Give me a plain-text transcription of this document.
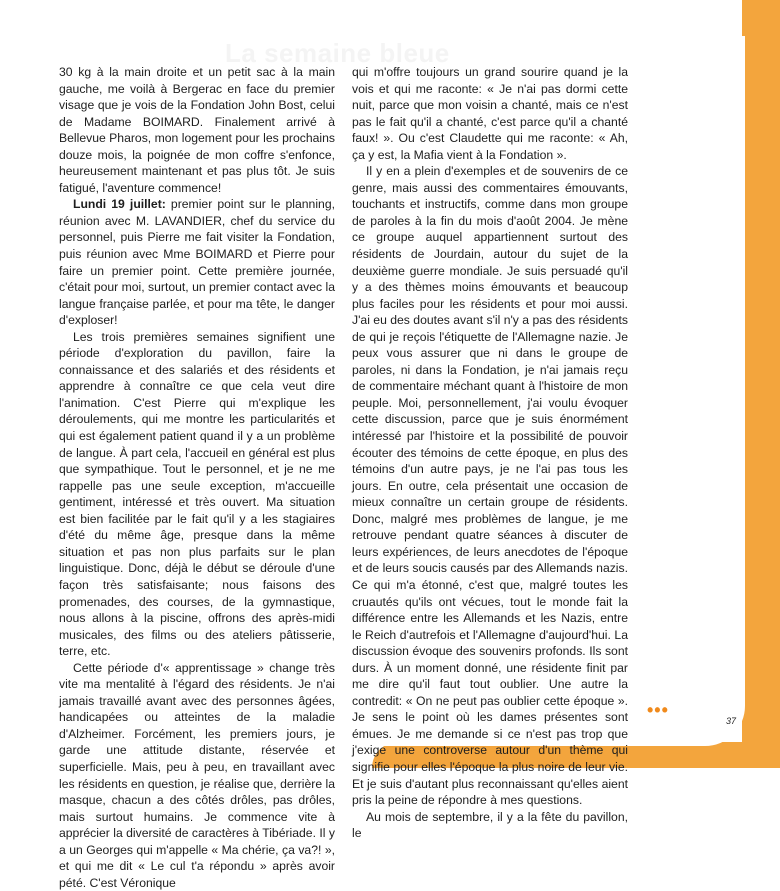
La semaine bleue

30 kg à la main droite et un petit sac à la main gauche, me voilà à Bergerac en face du premier visage que je vois de la Fondation John Bost, celui de Madame BOIMARD. Finalement arrivé à Bellevue Pharos, mon logement pour les prochains douze mois, la poignée de mon coffre s'enfonce, heureusement maintenant et pas plus tôt. Je suis fatigué, l'aventure commence!

Lundi 19 juillet: premier point sur le planning, réunion avec M. LAVANDIER, chef du service du personnel, puis Pierre me fait visiter la Fondation, puis réunion avec Mme BOIMARD et Pierre pour faire un premier point. Cette première journée, c'était pour moi, surtout, un premier contact avec la langue française parlée, et pour ma tête, le danger d'exploser!

Les trois premières semaines signifient une période d'exploration du pavillon, faire la connaissance et des salariés et des résidents et apprendre à connaître ce que cela veut dire l'animation. C'est Pierre qui m'explique les déroulements, qui me montre les particularités et qui est également patient quand il y a un problème de langue. À part cela, l'accueil en général est plus que sympathique. Tout le personnel, et je ne me rappelle pas une seule exception, m'accueille gentiment, intéressé et très ouvert. Ma situation est bien facilitée par le fait qu'il y a les stagiaires d'été du même âge, presque dans la même situation et pas non plus parfaits sur le plan linguistique. Donc, déjà le début se déroule d'une façon très satisfaisante; nous faisons des promenades, des courses, de la gymnastique, nous allons à la piscine, offrons des après-midi musicales, des films ou des ateliers pâtisserie, terre, etc.

Cette période d'« apprentissage » change très vite ma mentalité à l'égard des résidents. Je n'ai jamais travaillé avant avec des personnes âgées, handicapées ou atteintes de la maladie d'Alzheimer. Forcément, les premiers jours, je garde une attitude distante, réservée et superficielle. Mais, peu à peu, en travaillant avec les résidents en question, je réalise que, derrière la masque, chacun a des côtés drôles, pas drôles, mais surtout humains. Je commence vite à apprécier la diversité de caractères à Tibériade. Il y a un Georges qui m'appelle « Ma chérie, ça va?! », et qui me dit « Le cul t'a répondu » après avoir pété. C'est Véronique

qui m'offre toujours un grand sourire quand je la vois et qui me raconte: « Je n'ai pas dormi cette nuit, parce que mon voisin a chanté, mais ce n'est pas le fait qu'il a chanté, c'est parce qu'il a chanté faux! ». Ou c'est Claudette qui me raconte: « Ah, ça y est, la Mafia vient à la Fondation ».

Il y en a plein d'exemples et de souvenirs de ce genre, mais aussi des commentaires émouvants, touchants et instructifs, comme dans mon groupe de paroles à la fin du mois d'août 2004. Je mène ce groupe auquel appartiennent surtout des résidents de Jourdain, autour du sujet de la deuxième guerre mondiale. Je suis persuadé qu'il y a des thèmes moins émouvants et beaucoup plus faciles pour les résidents et pour moi aussi. J'ai eu des doutes avant s'il n'y a pas des résidents de qui je reçois l'étiquette de l'Allemagne nazie. Je peux vous assurer que ni dans le groupe de paroles, ni dans la Fondation, je n'ai jamais reçu de commentaire méchant quant à l'histoire de mon peuple. Moi, personnellement, j'ai voulu évoquer cette discussion, parce que je suis énormément intéressé par l'histoire et la possibilité de pouvoir écouter des témoins de cette époque, en plus des témoins d'un autre pays, je ne l'ai pas tous les jours. En outre, cela présentait une occasion de mieux connaître un certain groupe de résidents. Donc, malgré mes problèmes de langue, je me retrouve pendant quatre séances à discuter de leurs expériences, de leurs anecdotes de l'époque et de leurs soucis causés par des Allemands nazis. Ce qui m'a étonné, c'est que, malgré toutes les cruautés qu'ils ont vécues, tout le monde fait la différence entre les Allemands et les Nazis, entre le Reich d'autrefois et l'Allemagne d'aujourd'hui. La discussion évoque des souvenirs profonds. Ils sont durs. À un moment donné, une résidente finit par me dire qu'il faut tout oublier. Une autre la contredit: « On ne peut pas oublier cette époque ». Je sens le point où les dames présentes sont émues. Je me demande si ce n'est pas trop que j'exige une controverse autour d'un thème qui signifie pour elles l'époque la plus noire de leur vie. Et je suis d'autant plus reconnaissant qu'elles aient pris la peine de répondre à mes questions.

Au mois de septembre, il y a la fête du pavillon, le

•••
37
